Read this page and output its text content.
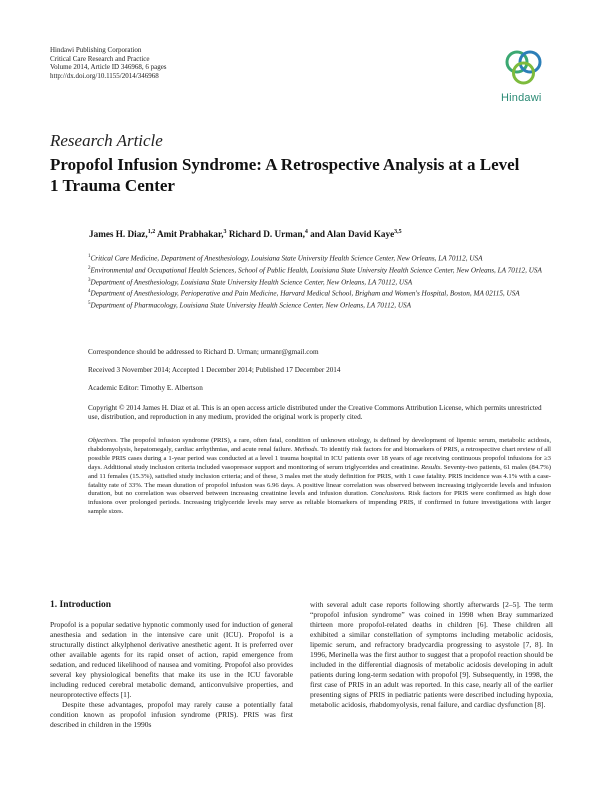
Hindawi Publishing Corporation
Critical Care Research and Practice
Volume 2014, Article ID 346968, 6 pages
http://dx.doi.org/10.1155/2014/346968
Hindawi
Research Article
Propofol Infusion Syndrome: A Retrospective Analysis at a Level 1 Trauma Center
James H. Diaz,$^{1,2}$ Amit Prabhakar,$^3$ Richard D. Urman,$^4$ and Alan David Kaye$^{3,5}$

$^1$Critical Care Medicine, Department of Anesthesiology, Louisiana State University Health Science Center, New Orleans, LA 70112, USA

$^2$Environmental and Occupational Health Sciences, School of Public Health, Louisiana State University Health Science Center, New Orleans, LA 70112, USA

$^3$Department of Anesthesiology, Louisiana State University Health Science Center, New Orleans, LA 70112, USA

$^4$Department of Anesthesiology, Perioperative and Pain Medicine, Harvard Medical School, Brigham and Women's Hospital, Boston, MA 02115, USA

$^5$Department of Pharmacology, Louisiana State University Health Science Center, New Orleans, LA 70112, USA

Correspondence should be addressed to Richard D. Urman; urmanr@gmail.com
Received 3 November 2014; Accepted 1 December 2014; Published 17 December 2014
Academic Editor: Timothy E. Albertson
Copyright © 2014 James H. Diaz et al. This is an open access article distributed under the Creative Commons Attribution License, which permits unrestricted use, distribution, and reproduction in any medium, provided the original work is properly cited.
Objectives. The propofol infusion syndrome (PRIS), a rare, often fatal, condition of unknown etiology, is defined by development of lipemic serum, metabolic acidosis, rhabdomyolysis, hepatomegaly, cardiac arrhythmias, and acute renal failure. Methods. To identify risk factors for and biomarkers of PRIS, a retrospective chart review of all possible PRIS cases during a 1-year period was conducted at a level 1 trauma hospital in ICU patients over 18 years of age receiving continuous propofol infusions for ≥3 days. Additional study inclusion criteria included vasopressor support and monitoring of serum triglycerides and creatinine. Results. Seventy-two patients, 61 males (84.7%) and 11 females (15.3%), satisfied study inclusion criteria; and of these, 3 males met the study definition for PRIS, with 1 case fatality. PRIS incidence was 4.1% with a case-fatality rate of 33%. The mean duration of propofol infusion was 6.96 days. A positive linear correlation was observed between increasing triglyceride levels and infusion duration, but no correlation was observed between increasing creatinine levels and infusion duration. Conclusions. Risk factors for PRIS were confirmed as high dose infusions over prolonged periods. Increasing triglyceride levels may serve as reliable biomarkers of impending PRIS, if confirmed in future investigations with larger sample sizes.
1. Introduction

Propofol is a popular sedative hypnotic commonly used for induction of general anesthesia and sedation in the intensive care unit (ICU). Propofol is a structurally distinct alkylphenol derivative anesthetic agent. It is preferred over other available agents for its rapid onset of action, rapid emergence from sedation, and reduced likelihood of nausea and vomiting. Propofol also provides several key physiological benefits that make its use in the ICU favorable including reduced cerebral metabolic demand, anticonvulsive properties, and neuroprotective effects [1].

Despite these advantages, propofol may rarely cause a potentially fatal condition known as propofol infusion syndrome (PRIS). PRIS was first described in children in the 1990s

with several adult case reports following shortly afterwards [2–5]. The term “propofol infusion syndrome” was coined in 1998 when Bray summarized thirteen more propofol-related deaths in children [6]. These children all exhibited a similar constellation of symptoms including metabolic acidosis, lipemic serum, and refractory bradycardia progressing to asystole [7, 8]. In 1996, Merinella was the first author to suggest that a propofol reaction should be included in the differential diagnosis of metabolic acidosis developing in adult patients during long-term sedation with propofol [9]. Subsequently, in 1998, the first case of PRIS in an adult was reported. In this case, nearly all of the earlier presenting signs of PRIS in pediatric patients were described including hypoxia, metabolic acidosis, rhabdomyolysis, renal failure, and cardiac dysfunction [8].
